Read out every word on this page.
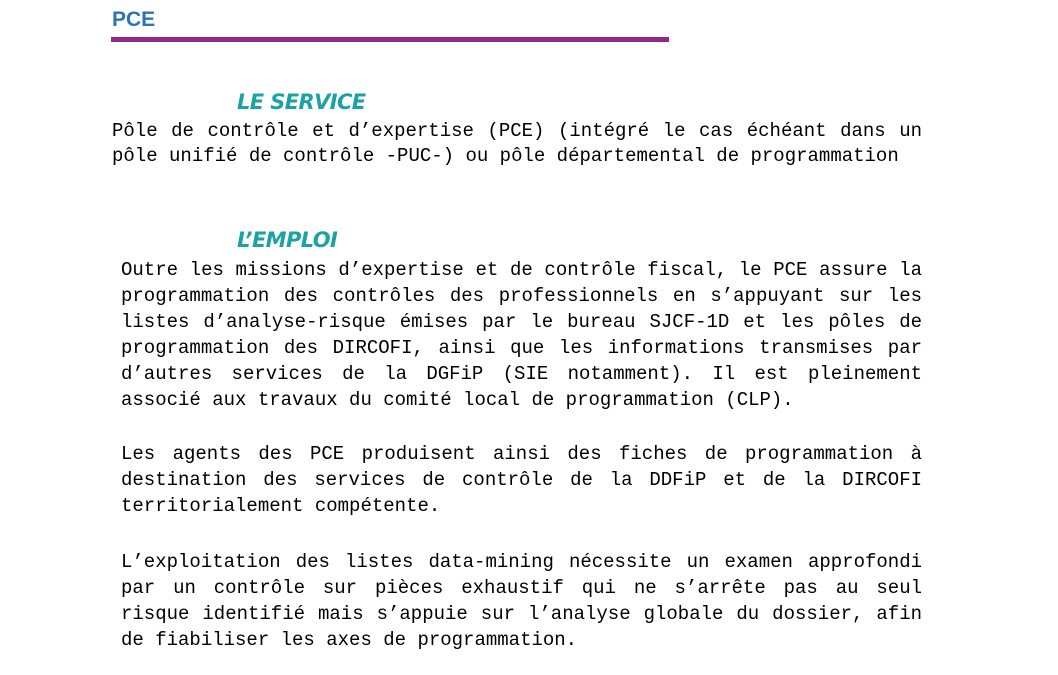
PCE
LE SERVICE

Pôle de contrôle et d’expertise (PCE) (intégré le cas échéant dans un pôle unifié de contrôle -PUC-) ou pôle départemental de programmation

L’EMPLOI

Outre les missions d’expertise et de contrôle fiscal, le PCE assure la programmation des contrôles des professionnels en s’appuyant sur les listes d’analyse-risque émises par le bureau SJCF-1D et les pôles de programmation des DIRCOFI, ainsi que les informations transmises par d’autres services de la DGFiP (SIE notamment). Il est pleinement associé aux travaux du comité local de programmation (CLP).

Les agents des PCE produisent ainsi des fiches de programmation à destination des services de contrôle de la DDFiP et de la DIRCOFI territorialement compétente.

L’exploitation des listes data-mining nécessite un examen approfondi par un contrôle sur pièces exhaustif qui ne s’arrête pas au seul risque identifié mais s’appuie sur l’analyse globale du dossier, afin de fiabiliser les axes de programmation.
